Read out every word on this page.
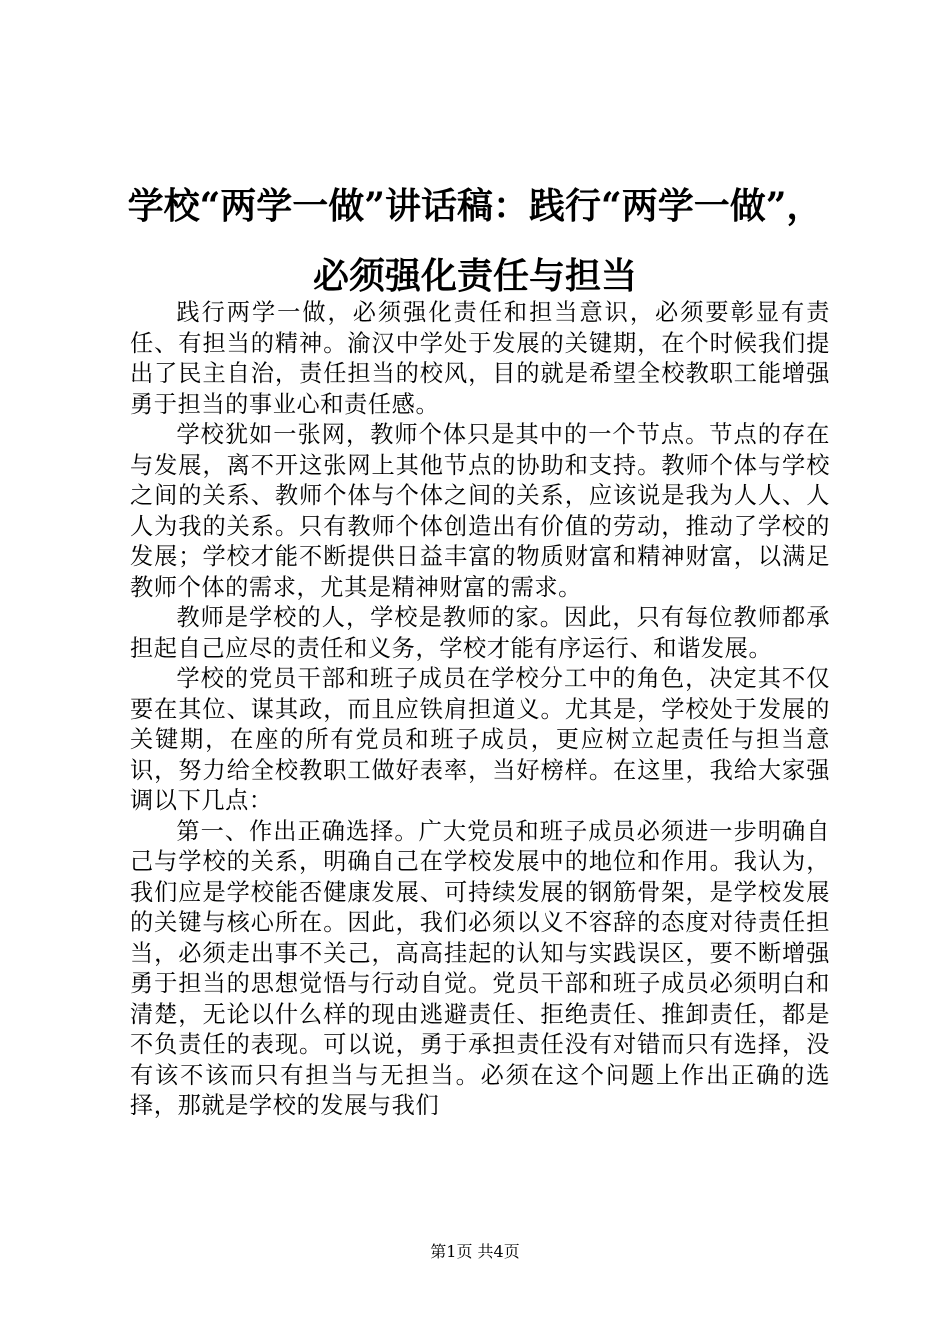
学校“两学一做”讲话稿：践行“两学一做”，
必须强化责任与担当

践行两学一做，必须强化责任和担当意识，必须要彰显有责任、有担当的精神。渝汉中学处于发展的关键期，在个时候我们提出了民主自治，责任担当的校风，目的就是希望全校教职工能增强勇于担当的事业心和责任感。

学校犹如一张网，教师个体只是其中的一个节点。节点的存在与发展，离不开这张网上其他节点的协助和支持。教师个体与学校之间的关系、教师个体与个体之间的关系，应该说是我为人人、人人为我的关系。只有教师个体创造出有价值的劳动，推动了学校的发展；学校才能不断提供日益丰富的物质财富和精神财富，以满足教师个体的需求，尤其是精神财富的需求。

教师是学校的人，学校是教师的家。因此，只有每位教师都承担起自己应尽的责任和义务，学校才能有序运行、和谐发展。

学校的党员干部和班子成员在学校分工中的角色，决定其不仅要在其位、谋其政，而且应铁肩担道义。尤其是，学校处于发展的关键期，在座的所有党员和班子成员，更应树立起责任与担当意识，努力给全校教职工做好表率，当好榜样。在这里，我给大家强调以下几点：

第一、作出正确选择。广大党员和班子成员必须进一步明确自己与学校的关系，明确自己在学校发展中的地位和作用。我认为，我们应是学校能否健康发展、可持续发展的钢筋骨架，是学校发展的关键与核心所在。因此，我们必须以义不容辞的态度对待责任担当，必须走出事不关己，高高挂起的认知与实践误区，要不断增强勇于担当的思想觉悟与行动自觉。党员干部和班子成员必须明白和清楚，无论以什么样的现由逃避责任、拒绝责任、推卸责任，都是不负责任的表现。可以说，勇于承担责任没有对错而只有选择，没有该不该而只有担当与无担当。必须在这个问题上作出正确的选择，那就是学校的发展与我们

第1页 共4页
